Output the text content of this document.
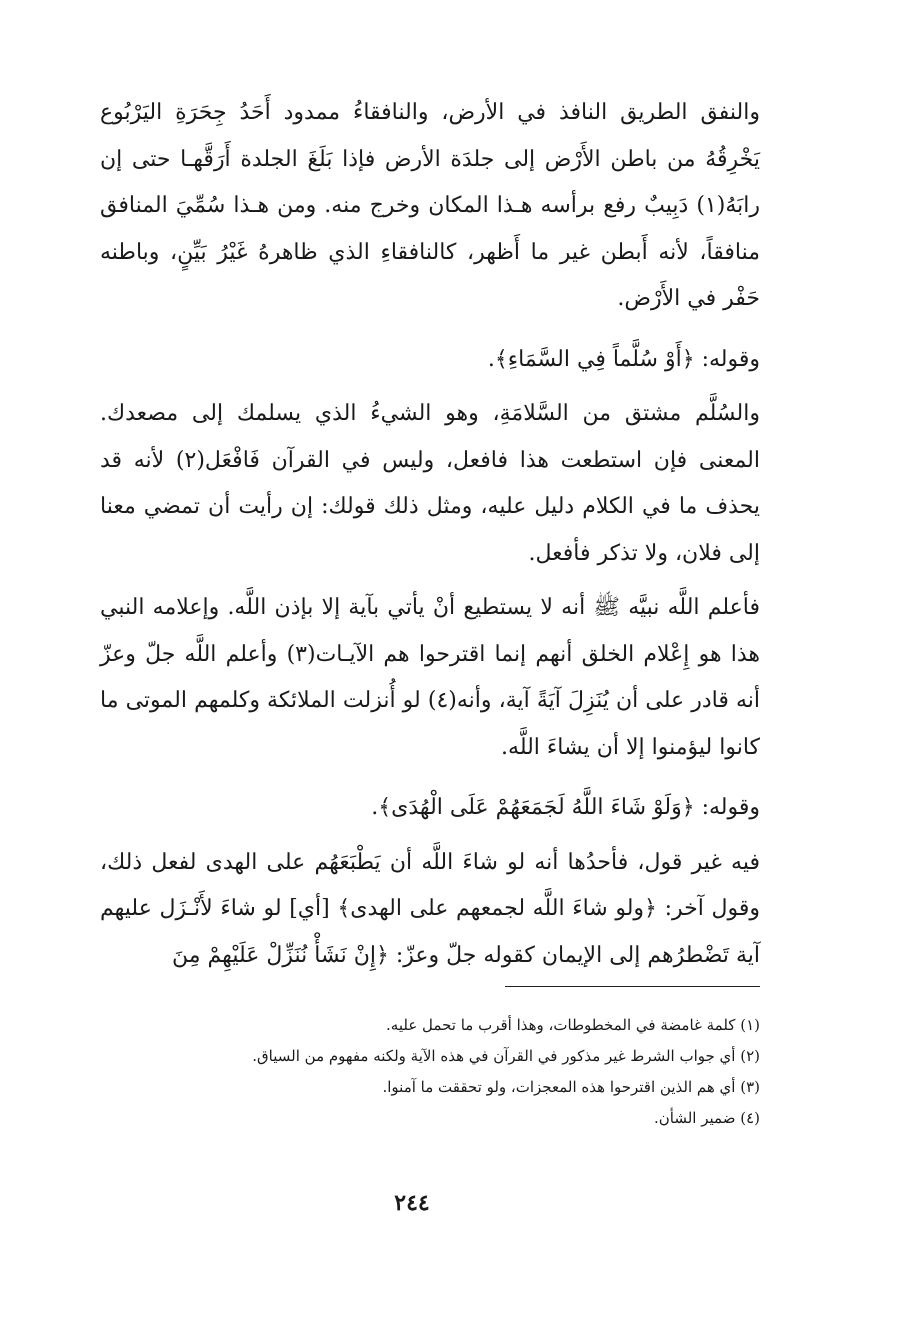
والنفق الطريق النافذ في الأرض، والنافقاءُ ممدود أَحَدُ جِحَرَةِ اليَرْبُوع يَخْرِقُهُ من باطن الأَرْض إلى جلدَة الأرض فإذا بَلَغَ الجلدة أَرَقَّهـا حتى إن رابَهُ(١) دَبِيبٌ رفع برأسه هـذا المكان وخرج منه. ومن هـذا سُمِّيَ المنافق منافقاً، لأنه أَبطن غير ما أَظهر، كالنافقاءِ الذي ظاهرهُ غَيْرُ بَيِّنٍ، وباطنه حَفْر في الأَرْض.

وقوله: ﴿أَوْ سُلَّماً فِي السَّمَاءِ﴾.

والسُلَّم مشتق من السَّلامَةِ، وهو الشيءُ الذي يسلمك إلى مصعدك. المعنى فإن استطعت هذا فافعل، وليس في القرآن فَافْعَل(٢) لأنه قد يحذف ما في الكلام دليل عليه، ومثل ذلك قولك: إن رأيت أن تمضي معنا إلى فلان، ولا تذكر فأفعل.

فأعلم اللَّه نبيَّه ﷺ أنه لا يستطيع أنْ يأتي بآية إلا بإذن اللَّه. وإعلامه النبي هذا هو إِعْلام الخلق أنهم إنما اقترحوا هم الآيـات(٣) وأعلم اللَّه جلّ وعزّ أنه قادر على أن يُنَزِلَ آيَةً آية، وأنه(٤) لو أُنزلت الملائكة وكلمهم الموتى ما كانوا ليؤمنوا إلا أن يشاءَ اللَّه.

وقوله: ﴿وَلَوْ شَاءَ اللَّهُ لَجَمَعَهُمْ عَلَى الْهُدَى﴾.

فيه غير قول، فأحدُها أنه لو شاءَ اللَّه أن يَطْبَعَهُم على الهدى لفعل ذلك، وقول آخر: ﴿ولو شاءَ اللَّه لجمعهم على الهدى﴾ [أي] لو شاءَ لأَنْـزَل عليهم آية تَضْطرُهم إلى الإيمان كقوله جلّ وعزّ: ﴿إِنْ نَشَأْ نُنَزِّلْ عَلَيْهِمْ مِنَ

(١) كلمة غامضة في المخطوطات، وهذا أقرب ما تحمل عليه.

(٢) أي جواب الشرط غير مذكور في القرآن في هذه الآية ولكنه مفهوم من السياق.

(٣) أي هم الذين اقترحوا هذه المعجزات، ولو تحققت ما آمنوا.

(٤) ضمير الشأن.

٢٤٤
